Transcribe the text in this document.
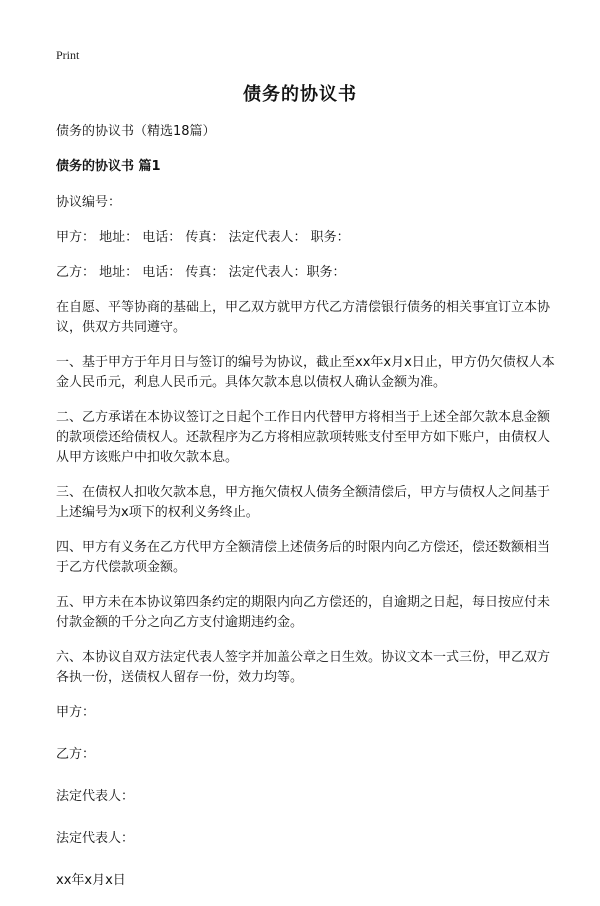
Print
债务的协议书

债务的协议书（精选18篇）

债务的协议书 篇1

协议编号：

甲方： 地址： 电话： 传真： 法定代表人： 职务：

乙方： 地址： 电话： 传真： 法定代表人：职务：

在自愿、平等协商的基础上，甲乙双方就甲方代乙方清偿银行债务的相关事宜订立本协议，供双方共同遵守。

一、基于甲方于年月日与签订的编号为协议，截止至xx年x月x日止，甲方仍欠债权人本金人民币元，利息人民币元。具体欠款本息以债权人确认金额为准。

二、乙方承诺在本协议签订之日起个工作日内代替甲方将相当于上述全部欠款本息金额的款项偿还给债权人。还款程序为乙方将相应款项转账支付至甲方如下账户，由债权人从甲方该账户中扣收欠款本息。

三、在债权人扣收欠款本息，甲方拖欠债权人债务全额清偿后，甲方与债权人之间基于上述编号为x项下的权利义务终止。

四、甲方有义务在乙方代甲方全额清偿上述债务后的时限内向乙方偿还，偿还数额相当于乙方代偿款项金额。

五、甲方未在本协议第四条约定的期限内向乙方偿还的，自逾期之日起，每日按应付未付款金额的千分之向乙方支付逾期违约金。

六、本协议自双方法定代表人签字并加盖公章之日生效。协议文本一式三份，甲乙双方各执一份，送债权人留存一份，效力均等。

甲方：

乙方：

法定代表人：

法定代表人：

xx年x月x日
